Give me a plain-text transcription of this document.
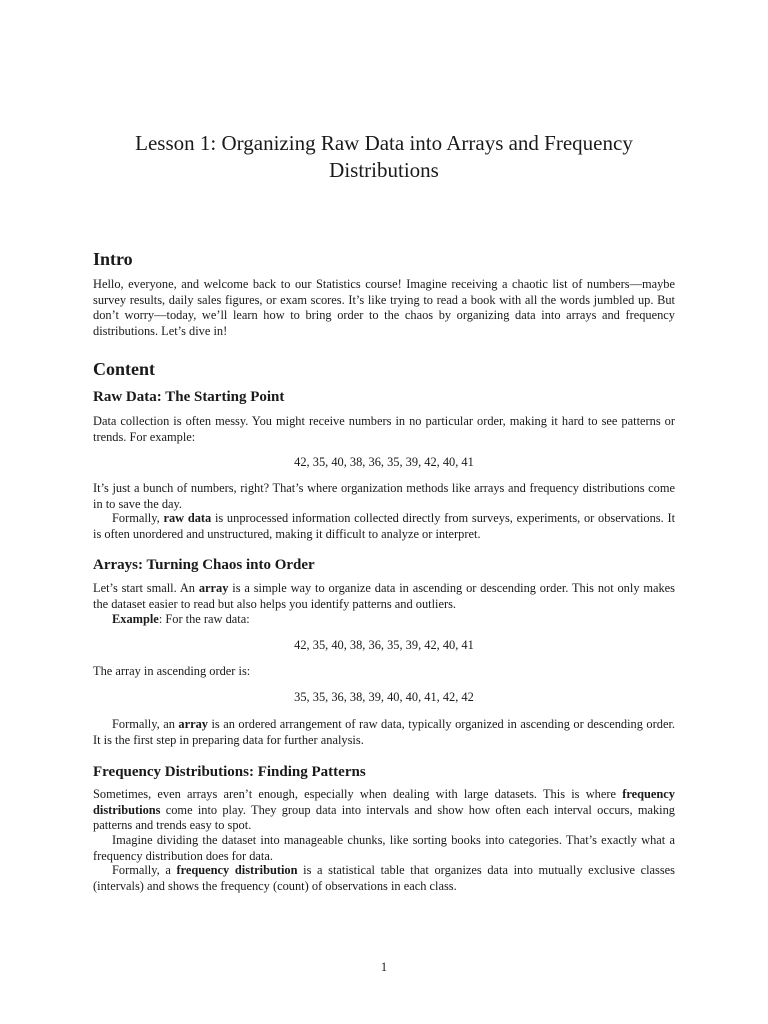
Lesson 1: Organizing Raw Data into Arrays and Frequency Distributions
Intro

Hello, everyone, and welcome back to our Statistics course! Imagine receiving a chaotic list of numbers—maybe survey results, daily sales figures, or exam scores. It’s like trying to read a book with all the words jumbled up. But don’t worry—today, we’ll learn how to bring order to the chaos by organizing data into arrays and frequency distributions. Let’s dive in!

Content
Raw Data: The Starting Point

Data collection is often messy. You might receive numbers in no particular order, making it hard to see patterns or trends. For example:

42, 35, 40, 38, 36, 35, 39, 42, 40, 41

It’s just a bunch of numbers, right? That’s where organization methods like arrays and frequency distributions come in to save the day.

Formally, raw data is unprocessed information collected directly from surveys, experiments, or observations. It is often unordered and unstructured, making it difficult to analyze or interpret.

Arrays: Turning Chaos into Order

Let’s start small. An array is a simple way to organize data in ascending or descending order. This not only makes the dataset easier to read but also helps you identify patterns and outliers.

Example: For the raw data:

42, 35, 40, 38, 36, 35, 39, 42, 40, 41

The array in ascending order is:

35, 35, 36, 38, 39, 40, 40, 41, 42, 42

Formally, an array is an ordered arrangement of raw data, typically organized in ascending or descending order. It is the first step in preparing data for further analysis.

Frequency Distributions: Finding Patterns

Sometimes, even arrays aren’t enough, especially when dealing with large datasets. This is where frequency distributions come into play. They group data into intervals and show how often each interval occurs, making patterns and trends easy to spot.

Imagine dividing the dataset into manageable chunks, like sorting books into categories. That’s exactly what a frequency distribution does for data.

Formally, a frequency distribution is a statistical table that organizes data into mutually exclusive classes (intervals) and shows the frequency (count) of observations in each class.

1
